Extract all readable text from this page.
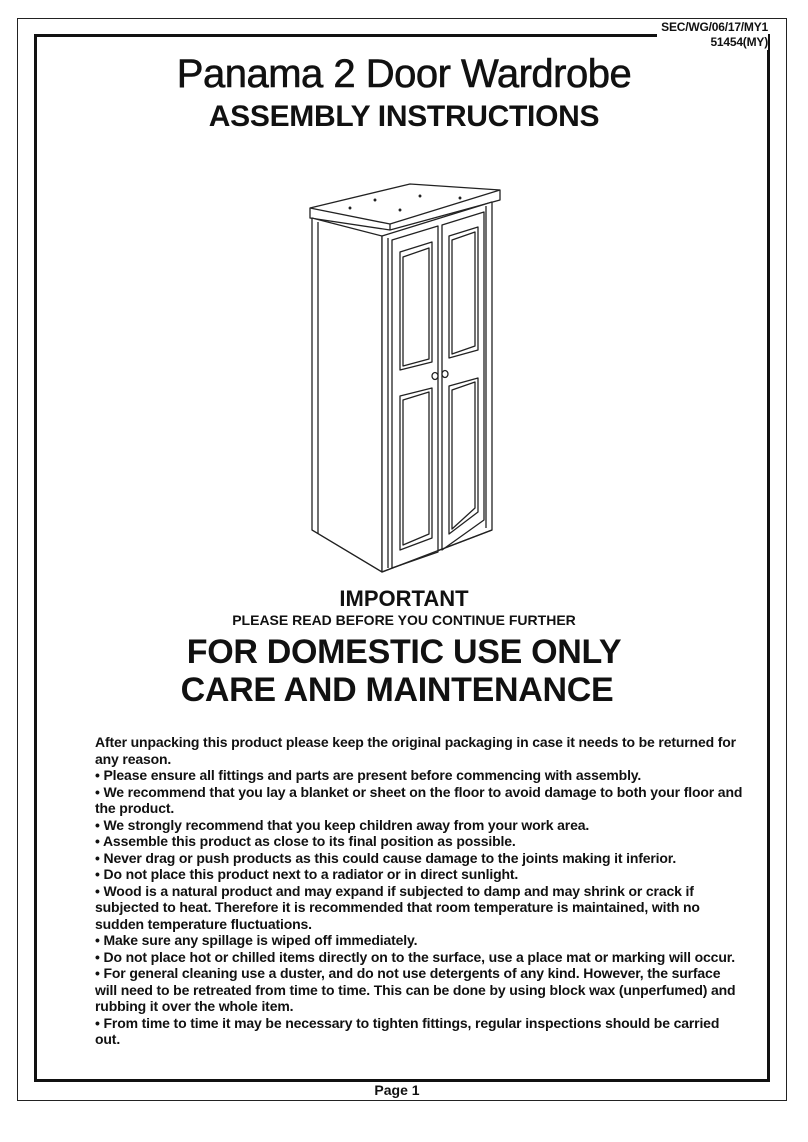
SEC/WG/06/17/MY1
51454(MY)
Panama 2 Door Wardrobe
ASSEMBLY INSTRUCTIONS
IMPORTANT
PLEASE READ BEFORE YOU CONTINUE FURTHER
FOR DOMESTIC USE ONLY
CARE AND MAINTENANCE

After unpacking this product please keep the original packaging in case it needs to be returned for any reason.

• Please ensure all fittings and parts are present before commencing with assembly.

• We recommend that you lay a blanket or sheet on the floor to avoid damage to both your floor and the product.

• We strongly recommend that you keep children away from your work area.

• Assemble this product as close to its final position as possible.

• Never drag or push products as this could cause damage to the joints making it inferior.

• Do not place this product next to a radiator or in direct sunlight.

• Wood is a natural product and may expand if subjected to damp and may shrink or crack if subjected to heat. Therefore it is recommended that room temperature is maintained, with no sudden temperature fluctuations.

• Make sure any spillage is wiped off immediately.

• Do not place hot or chilled items directly on to the surface, use a place mat or marking will occur.

• For general cleaning use a duster, and do not use detergents of any kind. However, the surface will need to be retreated from time to time. This can be done by using block wax (unperfumed) and rubbing it over the whole item.

• From time to time it may be necessary to tighten fittings, regular inspections should be carried out.

Page 1
